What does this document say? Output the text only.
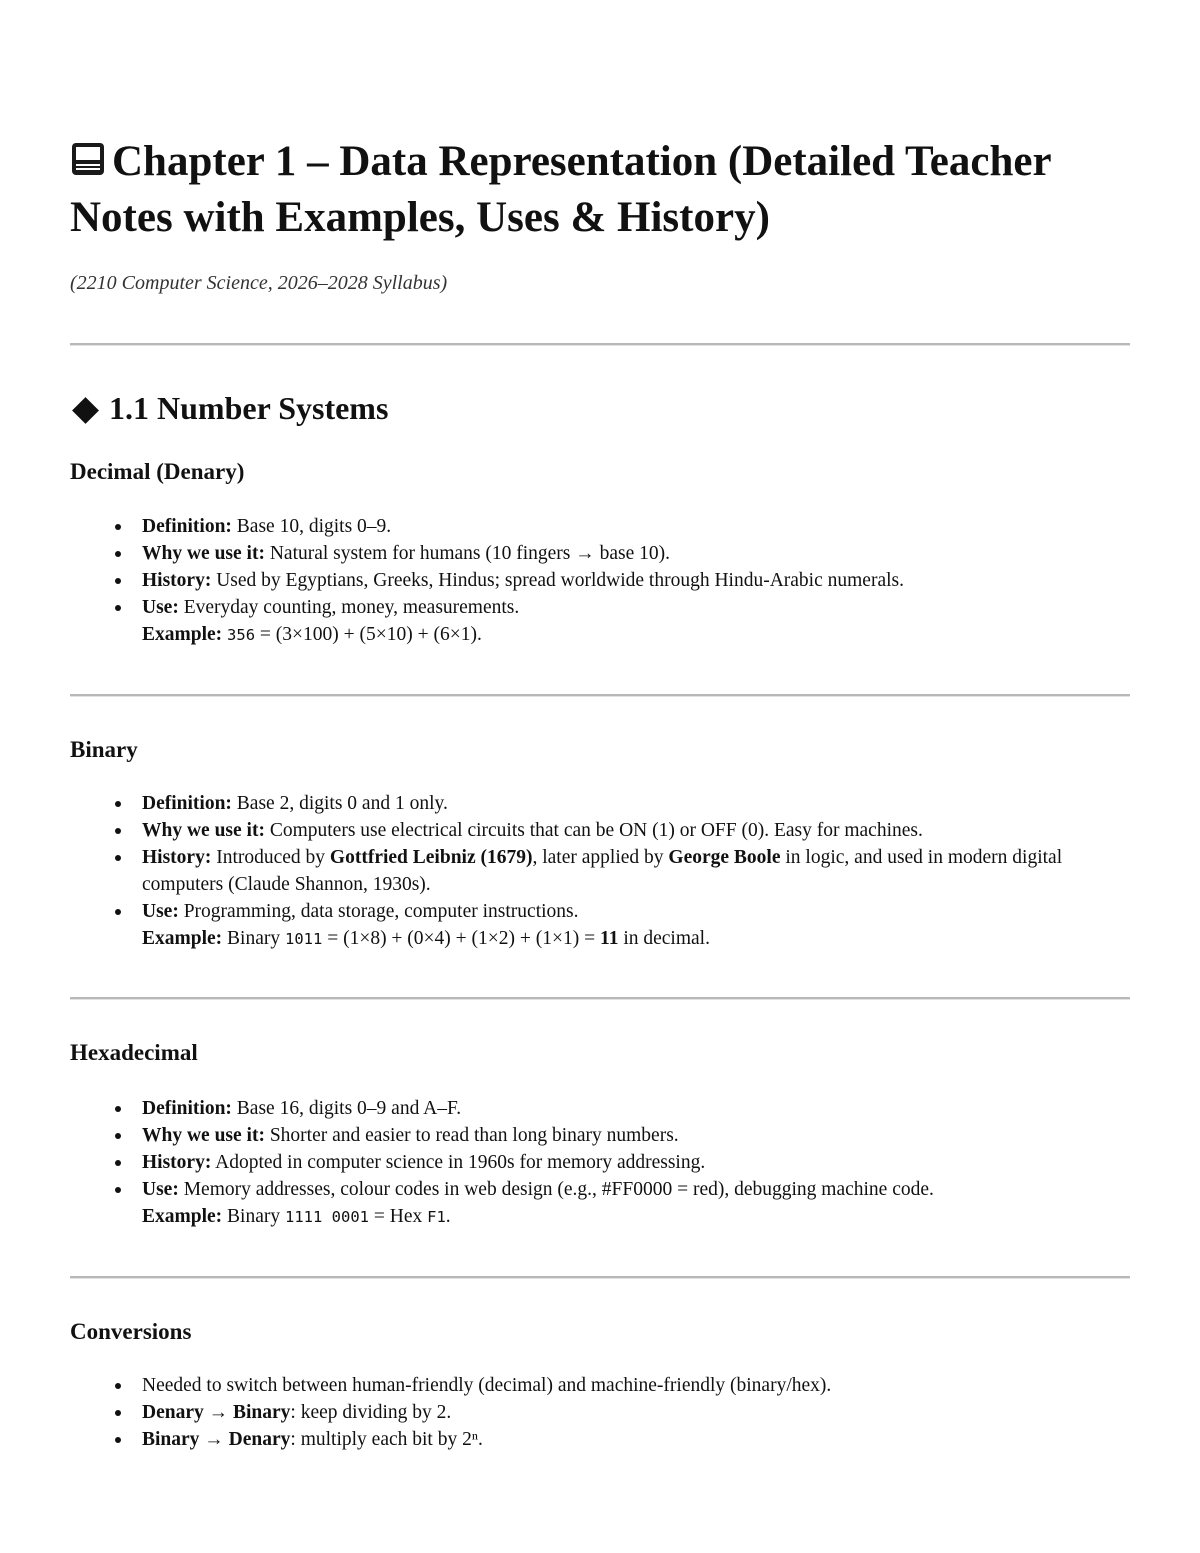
Chapter 1 – Data Representation (Detailed Teacher Notes with Examples, Uses & History)

(2210 Computer Science, 2026–2028 Syllabus)

1.1 Number Systems
Decimal (Denary)
Definition: Base 10, digits 0–9.
Why we use it: Natural system for humans (10 fingers → base 10).
History: Used by Egyptians, Greeks, Hindus; spread worldwide through Hindu-Arabic numerals.
Use: Everyday counting, money, measurements.
Example: 356 = (3×100) + (5×10) + (6×1).
Binary
Definition: Base 2, digits 0 and 1 only.
Why we use it: Computers use electrical circuits that can be ON (1) or OFF (0). Easy for machines.
History: Introduced by Gottfried Leibniz (1679), later applied by George Boole in logic, and used in modern digital computers (Claude Shannon, 1930s).
Use: Programming, data storage, computer instructions.
Example: Binary 1011 = (1×8) + (0×4) + (1×2) + (1×1) = 11 in decimal.
Hexadecimal
Definition: Base 16, digits 0–9 and A–F.
Why we use it: Shorter and easier to read than long binary numbers.
History: Adopted in computer science in 1960s for memory addressing.
Use: Memory addresses, colour codes in web design (e.g., #FF0000 = red), debugging machine code.
Example: Binary 1111 0001 = Hex F1.
Conversions
Needed to switch between human-friendly (decimal) and machine-friendly (binary/hex).
Denary → Binary: keep dividing by 2.
Binary → Denary: multiply each bit by 2ⁿ.
